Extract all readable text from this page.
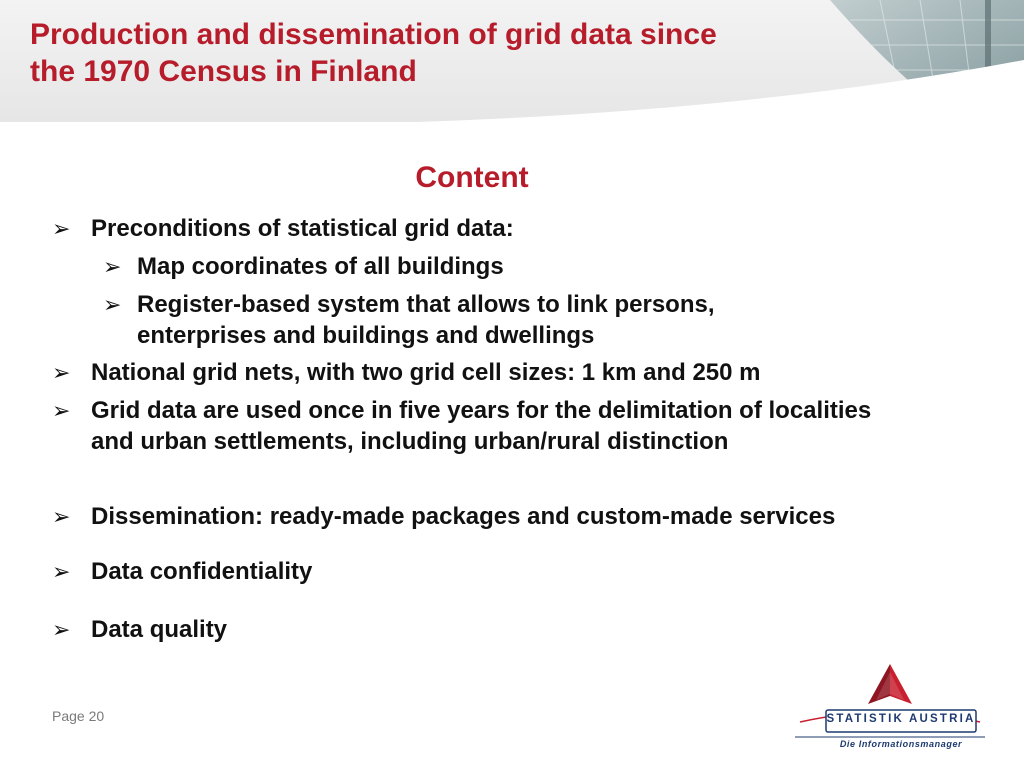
Production and dissemination of grid data since
the 1970 Census in Finland
Content
➢ Preconditions of statistical grid data:
➢ Map coordinates of all buildings
➢ Register-based system that allows to link persons, enterprises and buildings and dwellings
➢ National grid nets, with two grid cell sizes: 1 km and 250 m
➢ Grid data are used once in five years for the delimitation of localities and urban settlements, including urban/rural distinction
➢ Dissemination: ready-made packages and custom-made services
➢ Data confidentiality
➢ Data quality
Page 20	STATISTIK AUSTRIA
Die Informationsmanager
